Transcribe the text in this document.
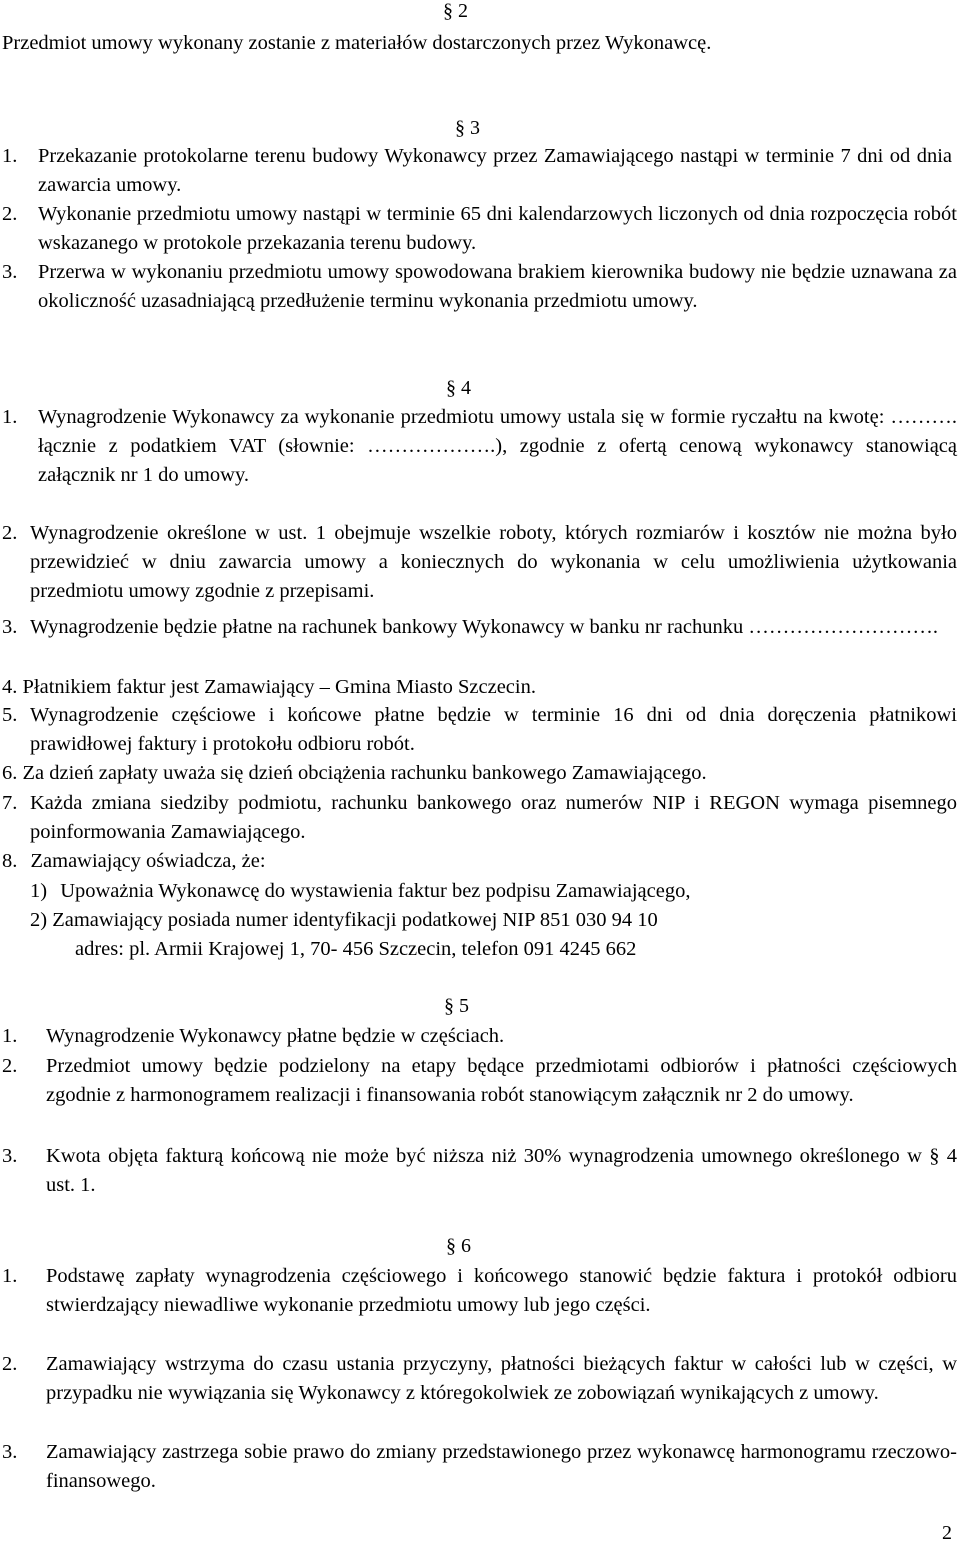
§ 2
Przedmiot umowy wykonany zostanie z materiałów dostarczonych przez Wykonawcę.
§ 3
1. Przekazanie protokolarne terenu budowy Wykonawcy przez Zamawiającego nastąpi w terminie 7 dni od dnia zawarcia umowy.
2. Wykonanie przedmiotu umowy nastąpi w terminie 65 dni kalendarzowych liczonych od dnia rozpoczęcia robót wskazanego w protokole przekazania terenu budowy.
3. Przerwa w wykonaniu przedmiotu umowy spowodowana brakiem kierownika budowy nie będzie uznawana za okoliczność uzasadniającą przedłużenie terminu wykonania przedmiotu umowy.
§ 4
1. Wynagrodzenie Wykonawcy za wykonanie przedmiotu umowy ustala się w formie ryczałtu na kwotę: ………. łącznie z podatkiem VAT (słownie: ……………….), zgodnie z ofertą cenową wykonawcy stanowiącą załącznik nr 1 do umowy.
2. Wynagrodzenie określone w ust. 1 obejmuje wszelkie roboty, których rozmiarów i kosztów nie można było przewidzieć w dniu zawarcia umowy a koniecznych do wykonania w celu umożliwienia użytkowania przedmiotu umowy zgodnie z przepisami.
3. Wynagrodzenie będzie płatne na rachunek bankowy Wykonawcy w banku nr rachunku ……………………….
4. Płatnikiem faktur jest Zamawiający – Gmina Miasto Szczecin.
5. Wynagrodzenie częściowe i końcowe płatne będzie w terminie 16 dni od dnia doręczenia płatnikowi prawidłowej faktury i protokołu odbioru robót.
6. Za dzień zapłaty uważa się dzień obciążenia rachunku bankowego Zamawiającego.
7. Każda zmiana siedziby podmiotu, rachunku bankowego oraz numerów NIP i REGON wymaga pisemnego poinformowania Zamawiającego.
8. Zamawiający oświadcza, że:
1) Upoważnia Wykonawcę do wystawienia faktur bez podpisu Zamawiającego,
2) Zamawiający posiada numer identyfikacji podatkowej NIP 851 030 94 10
adres: pl. Armii Krajowej 1, 70- 456 Szczecin, telefon 091 4245 662
§ 5
1. Wynagrodzenie Wykonawcy płatne będzie w częściach.
2. Przedmiot umowy będzie podzielony na etapy będące przedmiotami odbiorów i płatności częściowych zgodnie z harmonogramem realizacji i finansowania robót stanowiącym załącznik nr 2 do umowy.
3. Kwota objęta fakturą końcową nie może być niższa niż 30% wynagrodzenia umownego określonego w § 4 ust. 1.
§ 6
1. Podstawę zapłaty wynagrodzenia częściowego i końcowego stanowić będzie faktura i protokół odbioru stwierdzający niewadliwe wykonanie przedmiotu umowy lub jego części.
2. Zamawiający wstrzyma do czasu ustania przyczyny, płatności bieżących faktur w całości lub w części, w przypadku nie wywiązania się Wykonawcy z któregokolwiek ze zobowiązań wynikających z umowy.
3. Zamawiający zastrzega sobie prawo do zmiany przedstawionego przez wykonawcę harmonogramu rzeczowo-finansowego.
2
